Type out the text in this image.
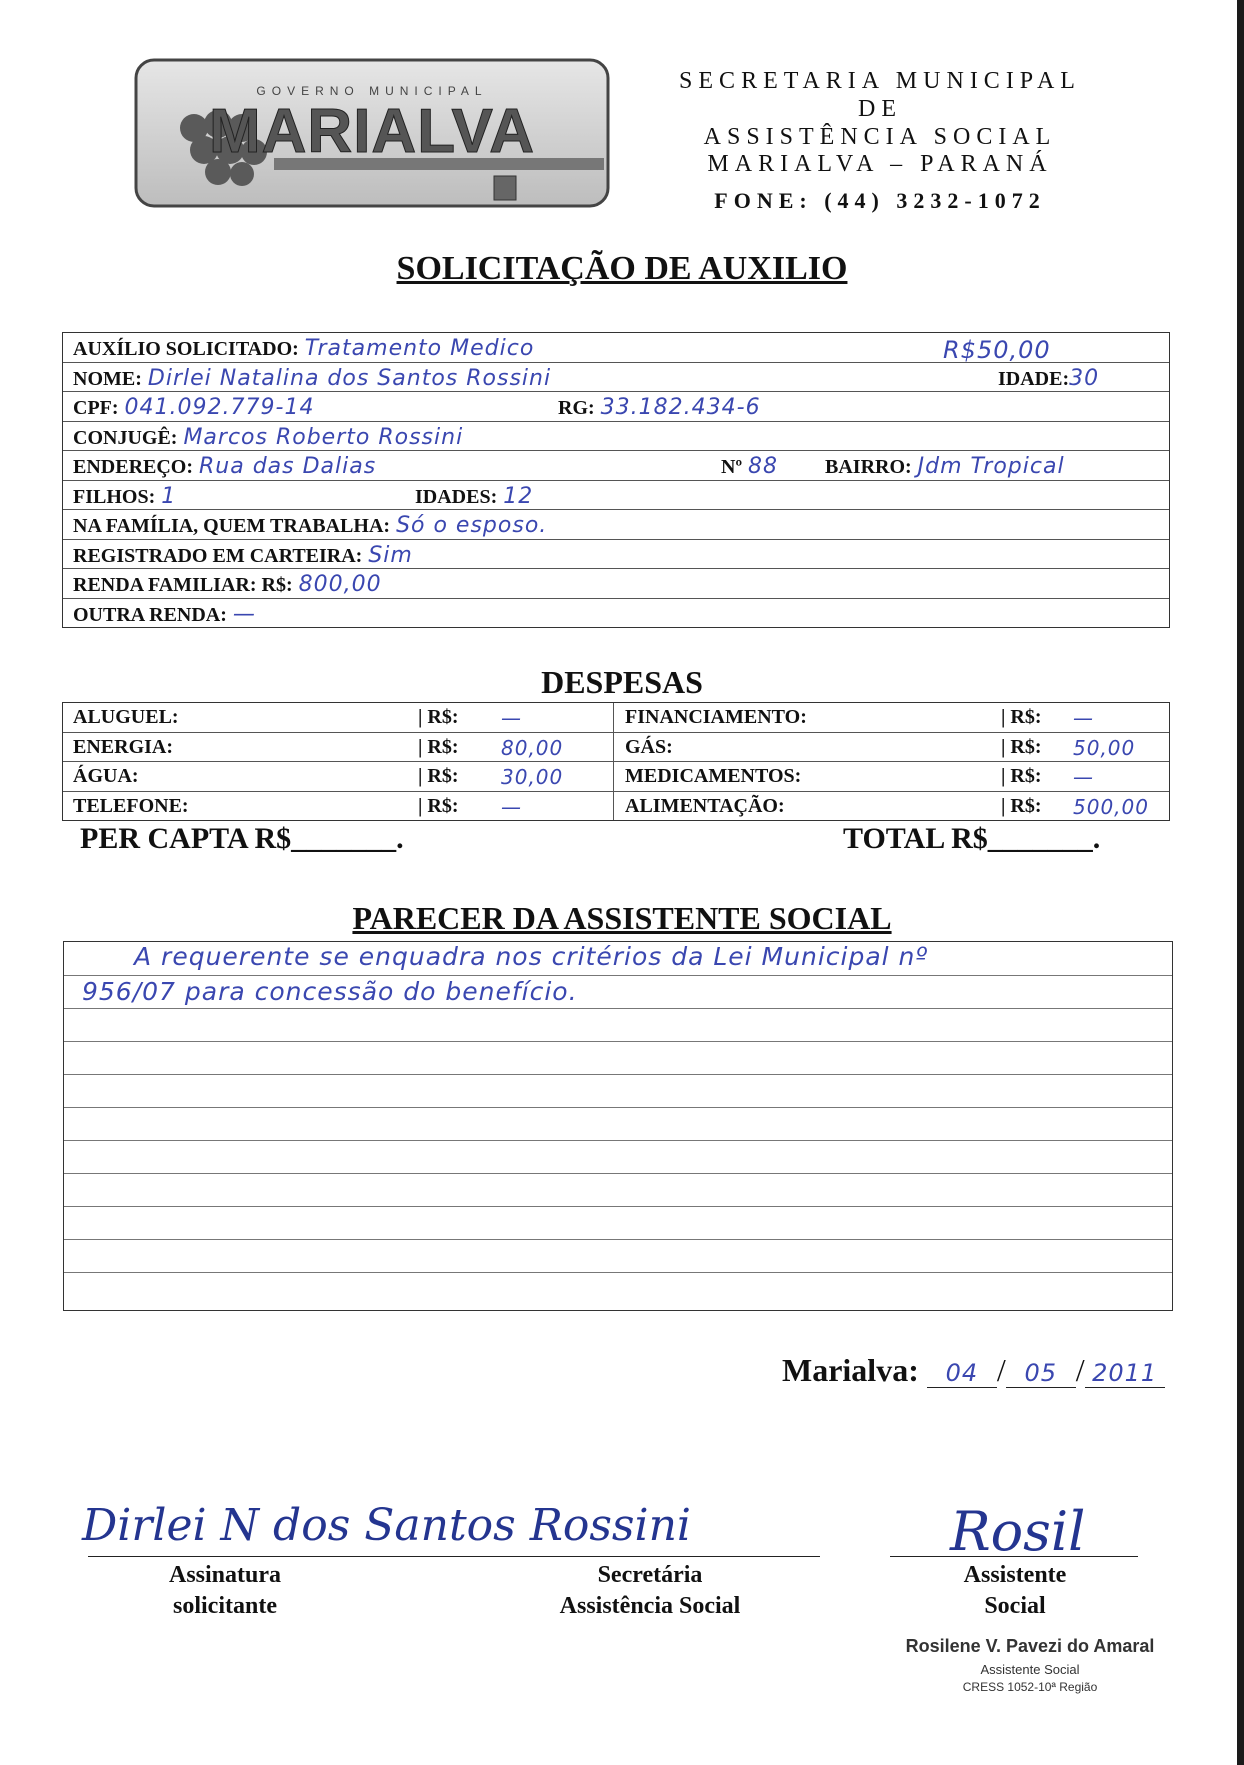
GOVERNO MUNICIPAL
MARIALVA
SECRETARIA MUNICIPAL
DE
ASSISTÊNCIA SOCIAL
MARIALVA – PARANÁ
FONE: (44) 3232-1072
SOLICITAÇÃO DE AUXILIO
AUXÍLIO SOLICITADO: Tratamento Medico	R$50,00
NOME: Dirlei Natalina dos Santos Rossini	IDADE:30
CPF: 041.092.779-14	RG: 33.182.434-6
CONJUGÊ: Marcos Roberto Rossini
ENDEREÇO: Rua das Dalias	Nº 88 BAIRRO: Jdm Tropical
FILHOS: 1	IDADES: 12
NA FAMÍLIA, QUEM TRABALHA: Só o esposo.
REGISTRADO EM CARTEIRA: Sim
RENDA FAMILIAR: R$: 800,00
OUTRA RENDA: —
DESPESAS
ALUGUEL:	| R$: —	FINANCIAMENTO:	| R$: —
ENERGIA:	| R$: 80,00	GÁS:	| R$: 50,00
ÁGUA:	| R$: 30,00	MEDICAMENTOS:	| R$: —
TELEFONE:	| R$: —	ALIMENTAÇÃO:	| R$: 500,00
PER CAPTA R$_______.	TOTAL R$_______.
PARECER DA ASSISTENTE SOCIAL
A requerente se enquadra nos critérios da Lei Municipal nº
956/07 para concessão do benefício.
Marialva: 04 / 05 / 2011
Dirlei N dos Santos Rossini
Assinatura
solicitante
Secretária
Assistência Social
Rosil
Assistente
Social
Rosilene V. Pavezi do Amaral
Assistente Social
CRESS 1052-10ª Região
